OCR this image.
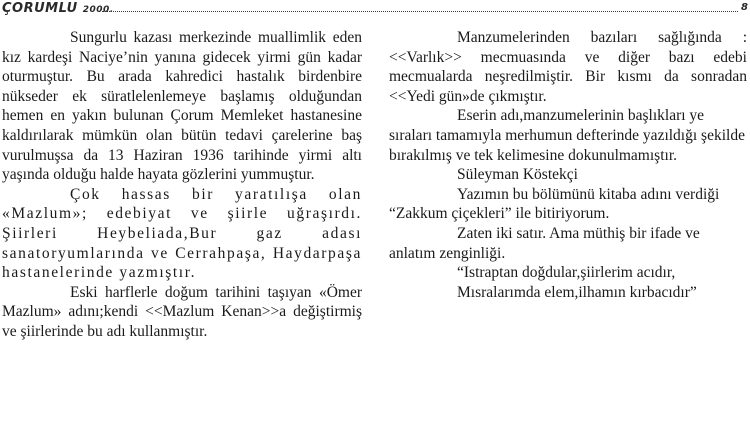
ÇORUMLU 2000.	8

Sungurlu kazası merkezinde muallimlik eden kız kardeşi Naciye’nin yanına gidecek yirmi gün kadar oturmuştur. Bu arada kahredici hastalık birdenbire nükseder ek süratlelenlemeye başlamış olduğundan hemen en yakın bulunan Çorum Memleket hastanesine kaldırılarak mümkün olan bütün tedavi çarelerine baş vurulmuşsa da 13 Haziran 1936 tarihinde yirmi altı yaşında olduğu halde hayata gözlerini yummuştur.

Çok hassas bir yaratılışa olan «Mazlum»; edebiyat ve şiirle uğraşırdı. Şiirleri Heybeliada,Bur gaz adası sanatoryumlarında ve Cerrahpaşa, Haydarpaşa hastanelerinde yazmıştır.

Eski harflerle doğum tarihini taşıyan «Ömer Mazlum» adını;kendi <<Mazlum Kenan>>a değiştirmiş ve şiirlerinde bu adı kullanmıştır.

Manzumelerinden bazıları sağlığında :<<Varlık>> mecmuasında ve diğer bazı edebi mecmualarda neşredilmiştir. Bir kısmı da sonradan <<Yedi gün»de çıkmıştır.

Eserin adı,manzumelerinin başlıkları ye sıraları tamamıyla merhumun defterinde yazıldığı şekilde bırakılmış ve tek kelimesine dokunulmamıştır.

Süleyman Köstekçi

Yazımın bu bölümünü kitaba adını verdiği “Zakkum çiçekleri” ile bitiriyorum.

Zaten iki satır. Ama müthiş bir ifade ve anlatım zenginliği.

“Istraptan doğdular,şiirlerim acıdır,

Mısralarımda elem,ilhamın kırbacıdır”
